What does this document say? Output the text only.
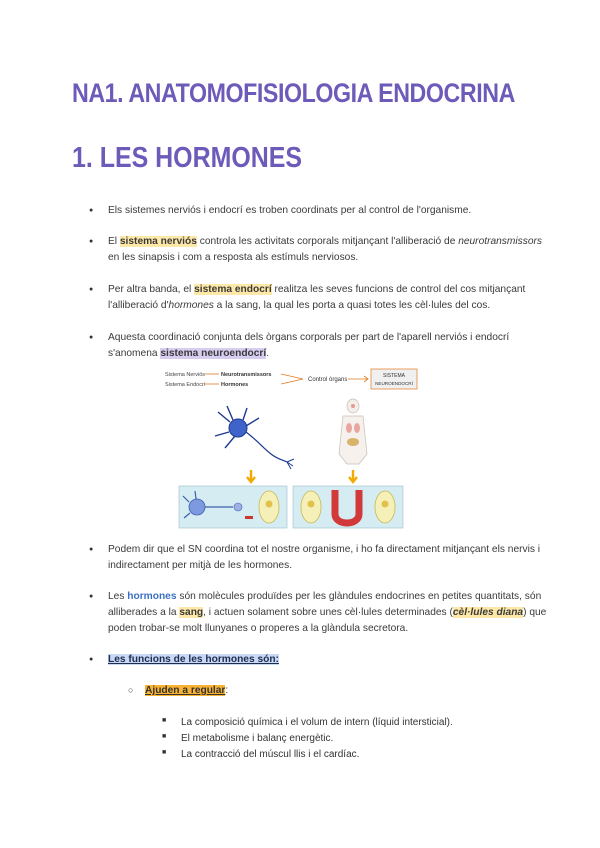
NA1. ANATOMOFISIOLOGIA ENDOCRINA
1. LES HORMONES
● Els sistemes nerviós i endocrí es troben coordinats per al control de l'organisme.
● El sistema nerviós controla les activitats corporals mitjançant l'alliberació de neurotransmissors en les sinapsis i com a resposta als estímuls nerviosos.
● Per altra banda, el sistema endocrí realitza les seves funcions de control del cos mitjançant l'alliberació d'hormones a la sang, la qual les porta a quasi totes les cèl·lules del cos.
● Aquesta coordinació conjunta dels òrgans corporals per part de l'aparell nerviós i endocrí s'anomena sistema neuroendocrí.
Sistema Nerviós	Neurotransmissors
Sistema Endocrí	Hormones
Control òrgans
SISTEMA
NEUROENDOCRÍ
● Podem dir que el SN coordina tot el nostre organisme, i ho fa directament mitjançant els nervis i indirectament per mitjà de les hormones.
● Les hormones són molècules produïdes per les glàndules endocrines en petites quantitats, són alliberades a la sang, i actuen solament sobre unes cèl·lules determinades (cèl·lules diana) que poden trobar-se molt llunyanes o properes a la glàndula secretora.
● Les funcions de les hormones són:
○ Ajuden a regular:
■ La composició química i el volum de intern (líquid intersticial).
■ El metabolisme i balanç energètic.
■ La contracció del múscul llis i el cardíac.
